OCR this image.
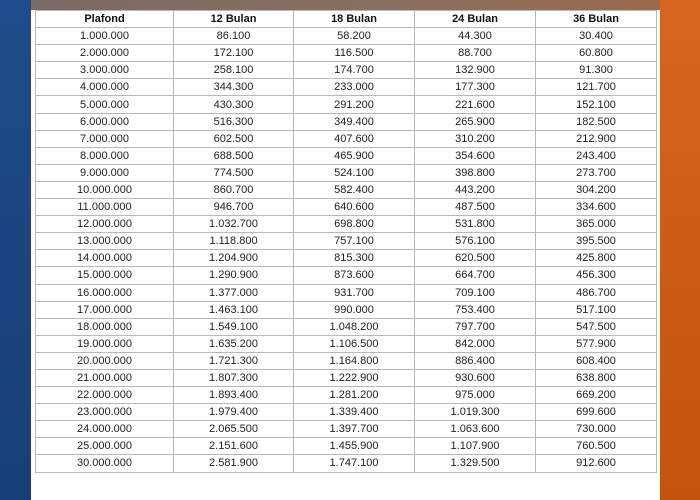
Plafond	12 Bulan	18 Bulan	24 Bulan	36 Bulan
1.000.000	86.100	58.200	44.300	30.400
2.000.000	172.100	116.500	88.700	60.800
3.000.000	258.100	174.700	132.900	91.300
4.000.000	344.300	233.000	177.300	121.700
5.000.000	430.300	291.200	221.600	152.100
6.000.000	516.300	349.400	265.900	182.500
7.000.000	602.500	407.600	310.200	212.900
8.000.000	688.500	465.900	354.600	243.400
9.000.000	774.500	524.100	398.800	273.700
10.000.000	860.700	582.400	443.200	304.200
11.000.000	946.700	640.600	487.500	334.600
12.000.000	1.032.700	698.800	531.800	365.000
13.000.000	1.118.800	757.100	576.100	395.500
14.000.000	1.204.900	815.300	620.500	425.800
15.000.000	1.290.900	873.600	664.700	456.300
16.000.000	1.377.000	931.700	709.100	486.700
17.000.000	1.463.100	990.000	753.400	517.100
18.000.000	1.549.100	1.048.200	797.700	547.500
19.000.000	1.635.200	1.106.500	842.000	577.900
20.000.000	1.721.300	1.164.800	886.400	608.400
21.000.000	1.807.300	1.222.900	930.600	638.800
22.000.000	1.893.400	1.281.200	975.000	669.200
23.000.000	1.979.400	1.339.400	1.019.300	699.600
24.000.000	2.065.500	1.397.700	1.063.600	730.000
25.000.000	2.151.600	1.455.900	1.107.900	760.500
30.000.000	2.581.900	1.747.100	1.329.500	912.600
